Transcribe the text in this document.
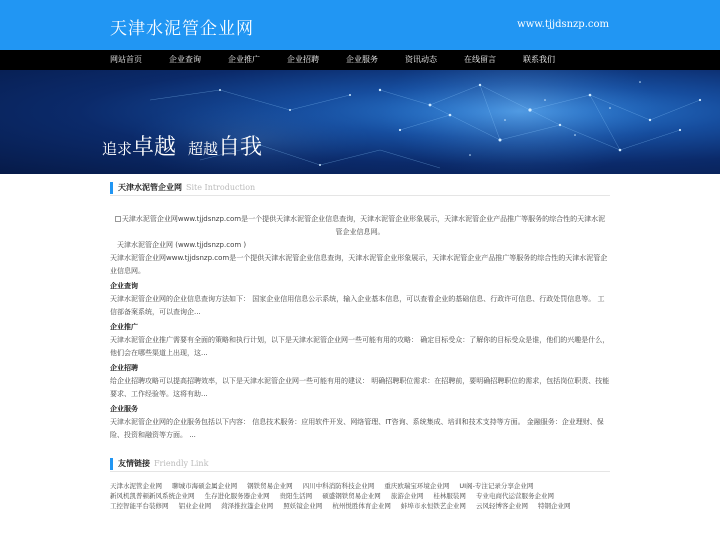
天津水泥管企业网	www.tjjdsnzp.com
网站首页	企业查询	企业推广	企业招聘	企业服务	资讯动态	在线留言	联系我们
追求卓越 超越自我
天津水泥管企业网 Site Introduction
天津水泥管企业网www.tjjdsnzp.com是一个提供天津水泥管企业信息查询，天津水泥管企业形象展示，天津水泥管企业产品推广等服务的综合性的天津水泥管企业信息网。

天津水泥管企业网 (www.tjjdsnzp.com )

天津水泥管企业网www.tjjdsnzp.com是一个提供天津水泥管企业信息查询，天津水泥管企业形象展示，天津水泥管企业产品推广等服务的综合性的天津水泥管企业信息网。

企业查询

天津水泥管企业网的企业信息查询方法如下： 国家企业信用信息公示系统，输入企业基本信息，可以查看企业的基础信息、行政许可信息、行政处罚信息等。 工信部备案系统，可以查询企...

企业推广

天津水泥管企业推广需要有全面的策略和执行计划，以下是天津水泥管企业网一些可能有用的攻略： 确定目标受众：了解你的目标受众是谁，他们的兴趣是什么，他们会在哪些渠道上出现，这...

企业招聘

给企业招聘攻略可以提高招聘效率，以下是天津水泥管企业网一些可能有用的建议： 明确招聘职位需求：在招聘前，要明确招聘职位的需求，包括岗位职责、技能要求、工作经验等。这将有助...

企业服务

天津水泥管企业网的企业服务包括以下内容： 信息技术服务：应用软件开发、网络管理、IT咨询、系统集成、培训和技术支持等方面。 金融服务：企业理财、保险、投资和融资等方面。 ...

友情链接 Friendly Link
天津水泥管企业网 聊城市海硕金属企业网 钢铁贸易企业网 四川中科消防科技企业网 重庆欧瑞宝环境企业网 UI阁-专注记录分享企业网 新风机凯普顿新风系统企业网 生存进化服务器企业网 贵阳生活网 硕盛钢铁贸易企业网 旅游企业网 桂林服装网 专业电商代运营服务企业网 工控智能平台装修网 铝业企业网 菏泽推拉篷企业网 照妖镜企业网 杭州悦胜体育企业网 蚌埠市永恒铁艺企业网 云风轻博客企业网 特钢企业网
